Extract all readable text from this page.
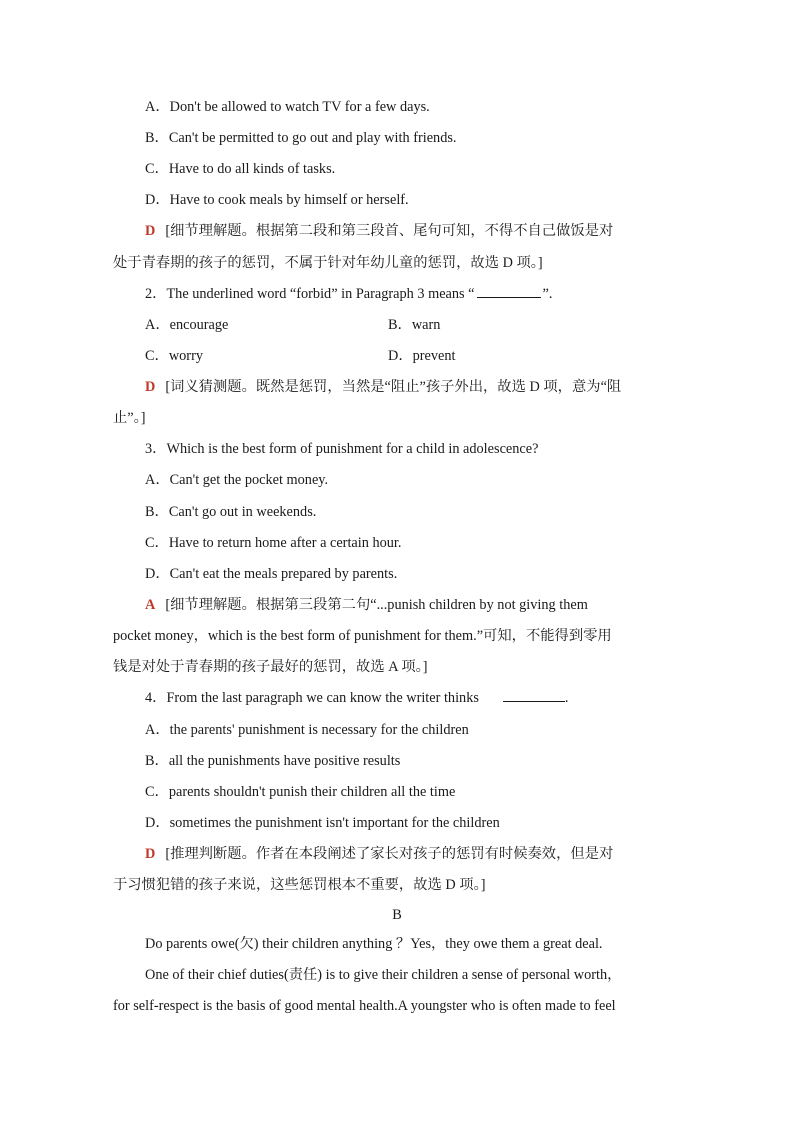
A．Don't be allowed to watch TV for a few days.
B．Can't be permitted to go out and play with friends.
C．Have to do all kinds of tasks.
D．Have to cook meals by himself or herself.
D [细节理解题。根据第二段和第三段首、尾句可知，不得不自己做饭是对
处于青春期的孩子的惩罚，不属于针对年幼儿童的惩罚，故选 D 项。]
2．The underlined word “forbid” in Paragraph 3 means “	”.
A．encourage	B．warn
C．worry	D．prevent
D [词义猜测题。既然是惩罚，当然是“阻止”孩子外出，故选 D 项，意为“阻
止”。]
3．Which is the best form of punishment for a child in adolescence?
A．Can't get the pocket money.
B．Can't go out in weekends.
C．Have to return home after a certain hour.
D．Can't eat the meals prepared by parents.
A [细节理解题。根据第三段第二句“...punish children by not giving them
pocket money，which is the best form of punishment for them.”可知，不能得到零用
钱是对处于青春期的孩子最好的惩罚，故选 A 项。]
4．From the last paragraph we can know the writer thinks	.
A．the parents' punishment is necessary for the children
B．all the punishments have positive results
C．parents shouldn't punish their children all the time
D．sometimes the punishment isn't important for the children
D [推理判断题。作者在本段阐述了家长对孩子的惩罚有时候奏效，但是对
于习惯犯错的孩子来说，这些惩罚根本不重要，故选 D 项。]
B
Do parents owe(欠) their children anything ？Yes，they owe them a great deal.
One of their chief duties(责任) is to give their children a sense of personal worth，
for self-respect is the basis of good mental health.A youngster who is often made to feel
